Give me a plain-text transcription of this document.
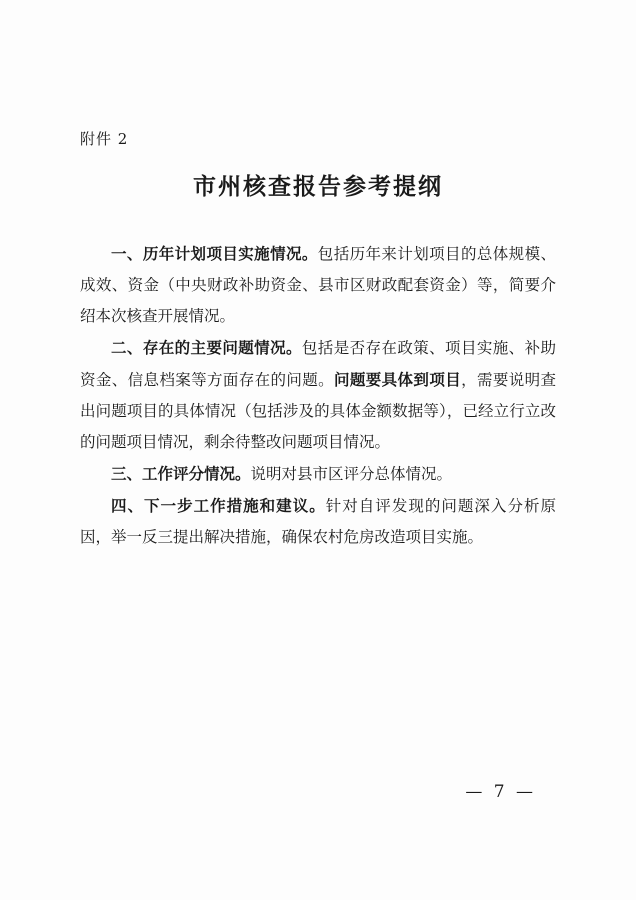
附件 2
市州核查报告参考提纲

一、历年计划项目实施情况。包括历年来计划项目的总体规模、成效、资金（中央财政补助资金、县市区财政配套资金）等，简要介绍本次核查开展情况。

二、存在的主要问题情况。包括是否存在政策、项目实施、补助资金、信息档案等方面存在的问题。问题要具体到项目，需要说明查出问题项目的具体情况（包括涉及的具体金额数据等），已经立行立改的问题项目情况，剩余待整改问题项目情况。

三、工作评分情况。说明对县市区评分总体情况。

四、下一步工作措施和建议。针对自评发现的问题深入分析原因，举一反三提出解决措施，确保农村危房改造项目实施。

— 7 —
